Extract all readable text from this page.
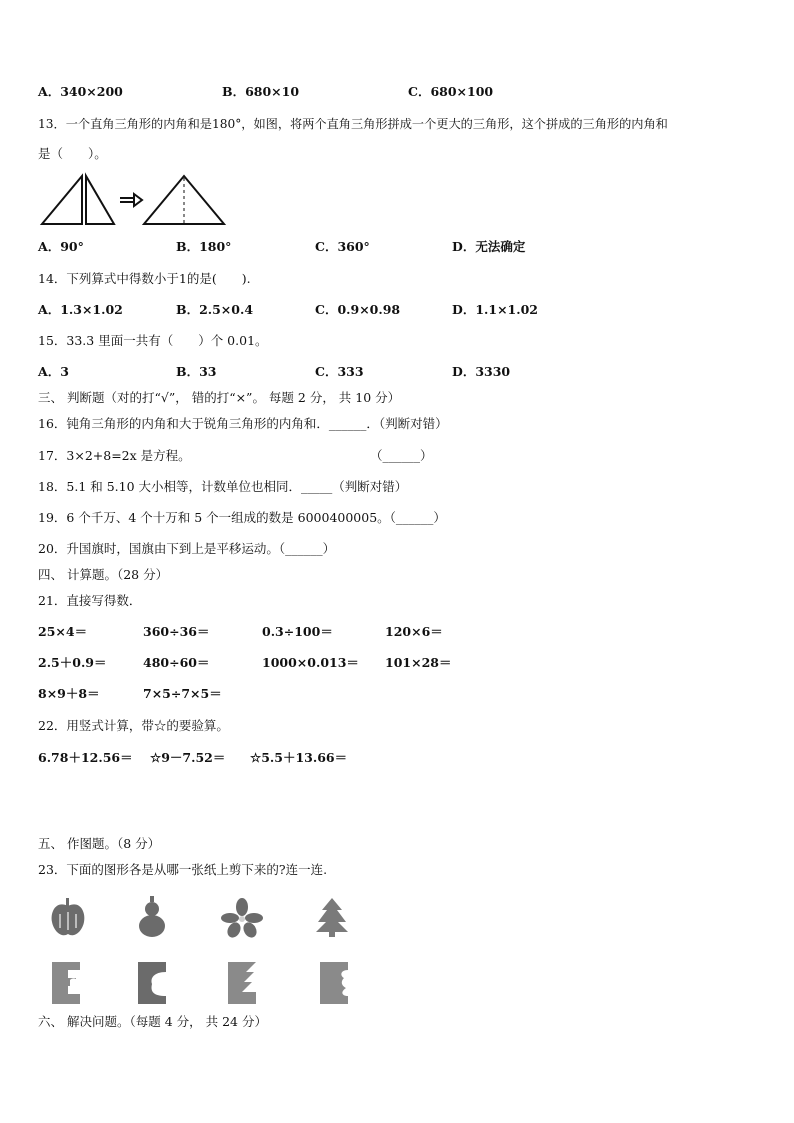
A．340×200	B．680×10	C．680×100
13．一个直角三角形的内角和是180°，如图，将两个直角三角形拼成一个更大的三角形，这个拼成的三角形的内角和
是（　　）。
A．90°	B．180°	C．360°	D．无法确定
14．下列算式中得数小于1的是(　　).
A．1.3×1.02	B．2.5×0.4	C．0.9×0.98	D．1.1×1.02
15．33.3 里面一共有（　　）个 0.01。
A．3	B．33	C．333	D．3330
三、 判断题（对的打“√”， 错的打“×”。 每题 2 分， 共 10 分）
16．钝角三角形的内角和大于锐角三角形的内角和．______．（判断对错）
17．3×2+8=2x 是方程。	（______）
18．5.1 和 5.10 大小相等，计数单位也相同．_____（判断对错）
19．6 个千万、4 个十万和 5 个一组成的数是 6000400005。（______）
20．升国旗时，国旗由下到上是平移运动。（______）
四、 计算题。（28 分）
21．直接写得数．
25×4＝	360÷36＝	0.3÷100＝	120×6＝
2.5＋0.9＝	480÷60＝	1000×0.013＝ 101×28＝
8×9＋8＝	7×5÷7×5＝
22．用竖式计算，带☆的要验算。
6.78＋12.56＝ ☆9－7.52＝ ☆5.5＋13.66＝
五、 作图题。（8 分）
23．下面的图形各是从哪一张纸上剪下来的?连一连.
六、 解决问题。（每题 4 分， 共 24 分）
